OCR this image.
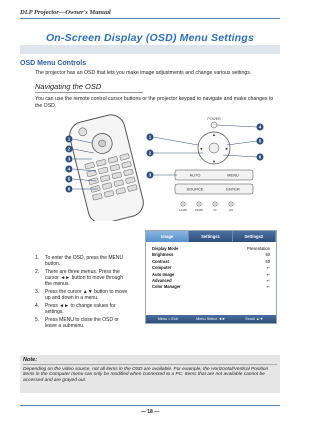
DLP Projector—Owner's Manual
On-Screen Display (OSD) Menu Settings
OSD Menu Controls
The projector has an OSD that lets you make image adjustments and change various settings.
Navigating the OSD
You can use the remote control cursor buttons or the projector keypad to navigate and make changes to the OSD.
1
2
3
4
5
6
POWER
▲
▼
◄	►
AUTO	MENU
SOURCE	ENTER
LAMP	TEMP	IR	ON
1
2
3
4
5
6
1.	To enter the OSD, press the MENU button.
2.	There are three menus. Press the cursor ◄► button to move through the menus.
3.	Press the cursor ▲▼ button to move up and down in a menu.
4.	Press ◄► to change values for settings.
5.	Press MENU to close the OSD or leave a submenu.
Image	Settings1	Settings2
Display Mode	Presentation
Brightness	50
Contrast	50
Computer	↵
Auto Image	↵
Advanced	↵
Color Manager	↵
Menu = Exit	Menu Select ◄►	Scroll ▲▼
Note:
Depending on the video source, not all items in the OSD are available. For example, the Horizontal/Vertical Position items in the Computer menu can only be modified when connected to a PC. Items that are not available cannot be accessed and are grayed out.
— 18 —
